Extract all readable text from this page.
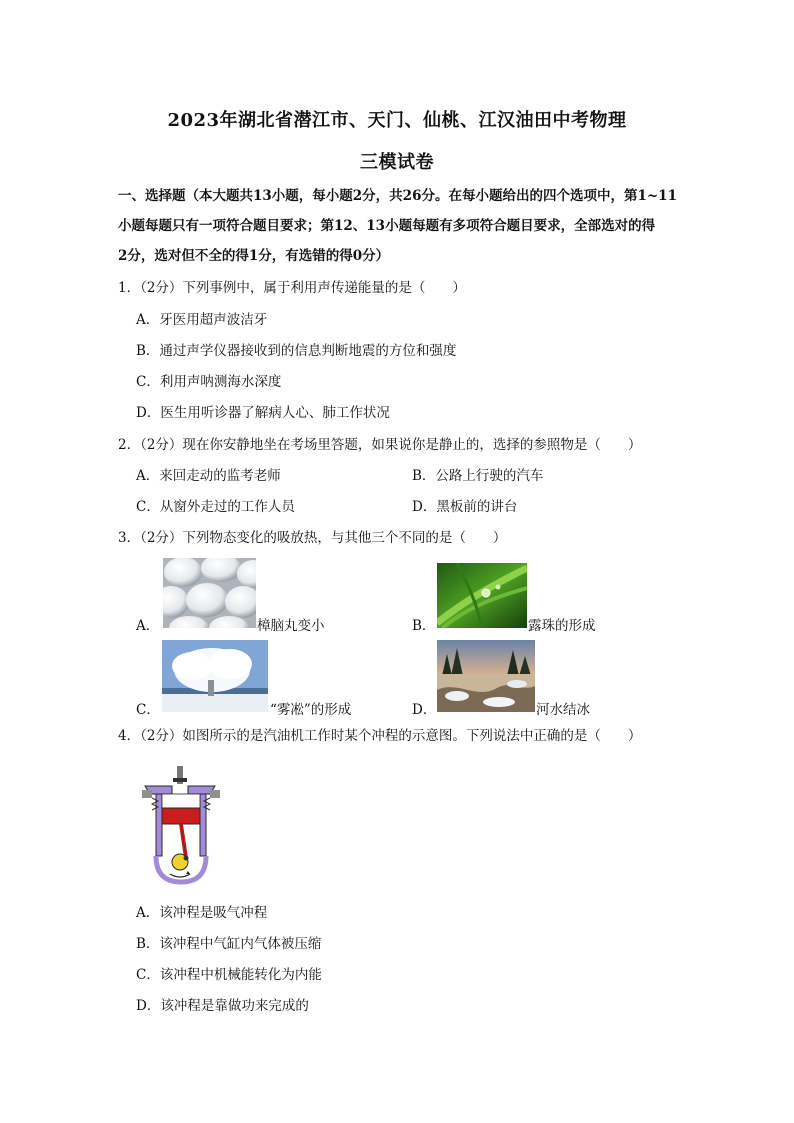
2023年湖北省潜江市、天门、仙桃、江汉油田中考物理
三模试卷
一、选择题（本大题共13小题，每小题2分，共26分。在每小题给出的四个选项中，第1~11
小题每题只有一项符合题目要求；第12、13小题每题有多项符合题目要求，全部选对的得
2分，选对但不全的得1分，有选错的得0分）
1．（2分）下列事例中，属于利用声传递能量的是（　　）
A．牙医用超声波洁牙
B．通过声学仪器接收到的信息判断地震的方位和强度
C．利用声呐测海水深度
D．医生用听诊器了解病人心、肺工作状况
2．（2分）现在你安静地坐在考场里答题，如果说你是静止的，选择的参照物是（　　）
A．来回走动的监考老师	B．公路上行驶的汽车
C．从窗外走过的工作人员	D．黑板前的讲台
3．（2分）下列物态变化的吸放热，与其他三个不同的是（　　）
A．	樟脑丸变小	B．	露珠的形成
C．	“雾凇”的形成	D．	河水结冰
4．（2分）如图所示的是汽油机工作时某个冲程的示意图。下列说法中正确的是（　　）
A．该冲程是吸气冲程
B．该冲程中气缸内气体被压缩
C．该冲程中机械能转化为内能
D．该冲程是靠做功来完成的
